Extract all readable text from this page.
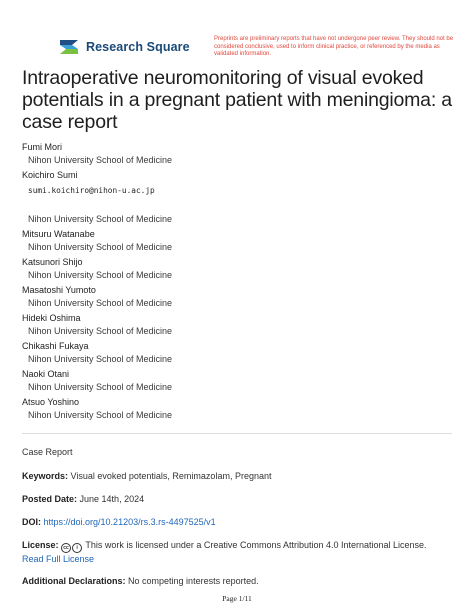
Research Square
Preprints are preliminary reports that have not undergone peer review. They should not be considered conclusive, used to inform clinical practice, or referenced by the media as validated information.
Intraoperative neuromonitoring of visual evoked potentials in a pregnant patient with meningioma: a case report
Fumi Mori
Nihon University School of Medicine
Koichiro Sumi
sumi.koichiro@nihon-u.ac.jp
Nihon University School of Medicine
Mitsuru Watanabe
Nihon University School of Medicine
Katsunori Shijo
Nihon University School of Medicine
Masatoshi Yumoto
Nihon University School of Medicine
Hideki Oshima
Nihon University School of Medicine
Chikashi Fukaya
Nihon University School of Medicine
Naoki Otani
Nihon University School of Medicine
Atsuo Yoshino
Nihon University School of Medicine
Case Report
Keywords: Visual evoked potentials, Remimazolam, Pregnant
Posted Date: June 14th, 2024
DOI: https://doi.org/10.21203/rs.3.rs-4497525/v1
License: cc i This work is licensed under a Creative Commons Attribution 4.0 International License.
Read Full License
Additional Declarations: No competing interests reported.
Page 1/11
